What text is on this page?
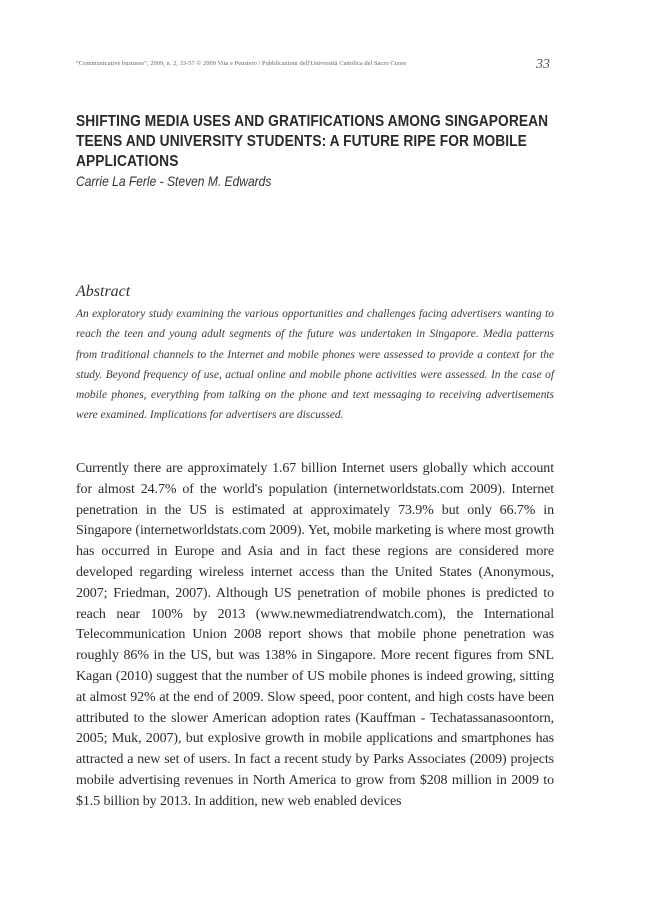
“Communicative business”, 2009, n. 2, 33-57 © 2009 Vita e Pensiero / Pubblicazioni dell'Università Cattolica del Sacro Cuore	33
SHIFTING MEDIA USES AND GRATIFICATIONS AMONG SINGAPOREAN TEENS AND UNIVERSITY STUDENTS: A FUTURE RIPE FOR MOBILE APPLICATIONS
Carrie La Ferle - Steven M. Edwards
Abstract

An exploratory study examining the various opportunities and challenges facing advertisers wanting to reach the teen and young adult segments of the future was undertaken in Singapore. Media patterns from traditional channels to the Internet and mobile phones were assessed to provide a context for the study. Beyond frequency of use, actual online and mobile phone activities were assessed. In the case of mobile phones, everything from talking on the phone and text messaging to receiving advertisements were examined. Implications for advertisers are discussed.

Currently there are approximately 1.67 billion Internet users globally which account for almost 24.7% of the world's population (internetworldstats.com 2009). Internet penetration in the US is estimated at approximately 73.9% but only 66.7% in Singapore (internetworldstats.com 2009). Yet, mobile marketing is where most growth has occurred in Europe and Asia and in fact these regions are considered more developed regarding wireless internet access than the United States (Anonymous, 2007; Friedman, 2007). Although US penetration of mobile phones is predicted to reach near 100% by 2013 (www.newmediatrendwatch.com), the International Telecommunication Union 2008 report shows that mobile phone penetration was roughly 86% in the US, but was 138% in Singapore. More recent figures from SNL Kagan (2010) suggest that the number of US mobile phones is indeed growing, sitting at almost 92% at the end of 2009. Slow speed, poor content, and high costs have been attributed to the slower American adoption rates (Kauffman - Techatassanasoontorn, 2005; Muk, 2007), but explosive growth in mobile applications and smartphones has attracted a new set of users. In fact a recent study by Parks Associates (2009) projects mobile advertising revenues in North America to grow from $208 million in 2009 to $1.5 billion by 2013. In addition, new web enabled devices
